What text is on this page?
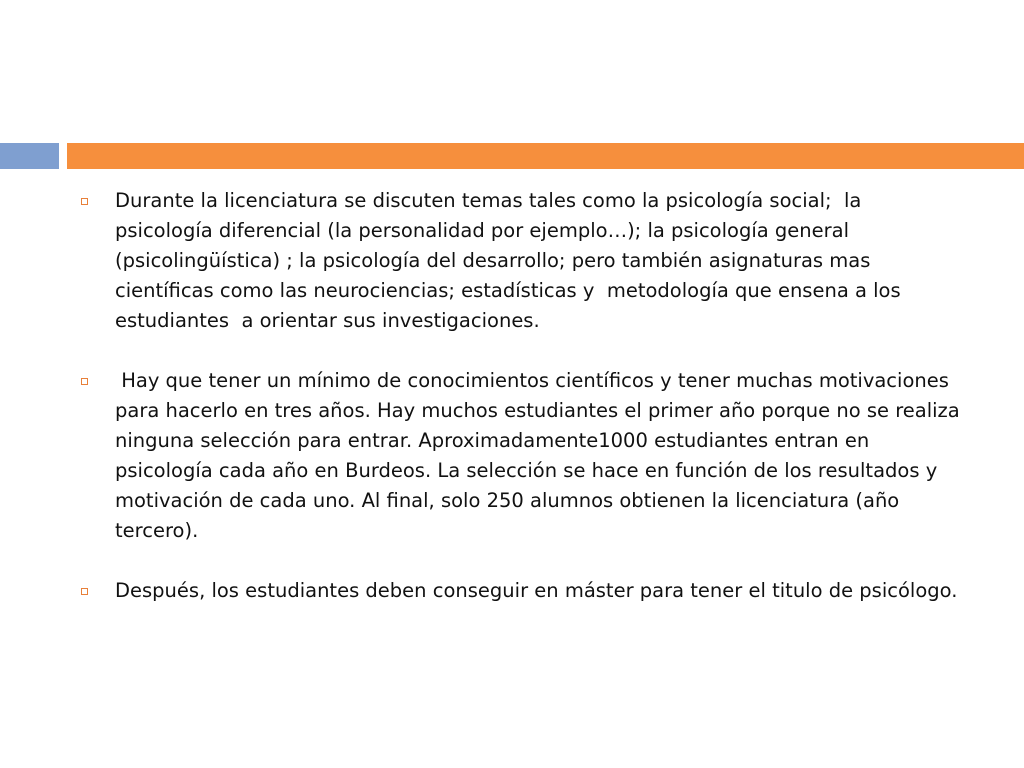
Durante la licenciatura se discuten temas tales como la psicología social;  la psicología diferencial (la personalidad por ejemplo…); la psicología general (psicolingüística) ; la psicología del desarrollo; pero también asignaturas mas científicas como las neurociencias; estadísticas y  metodología que ensena a los estudiantes  a orientar sus investigaciones.
Hay que tener un mínimo de conocimientos científicos y tener muchas motivaciones para hacerlo en tres años. Hay muchos estudiantes el primer año porque no se realiza ninguna selección para entrar. Aproximadamente1000 estudiantes entran en psicología cada año en Burdeos. La selección se hace en función de los resultados y motivación de cada uno. Al final, solo 250 alumnos obtienen la licenciatura (año tercero).
Después, los estudiantes deben conseguir en máster para tener el titulo de psicólogo.
